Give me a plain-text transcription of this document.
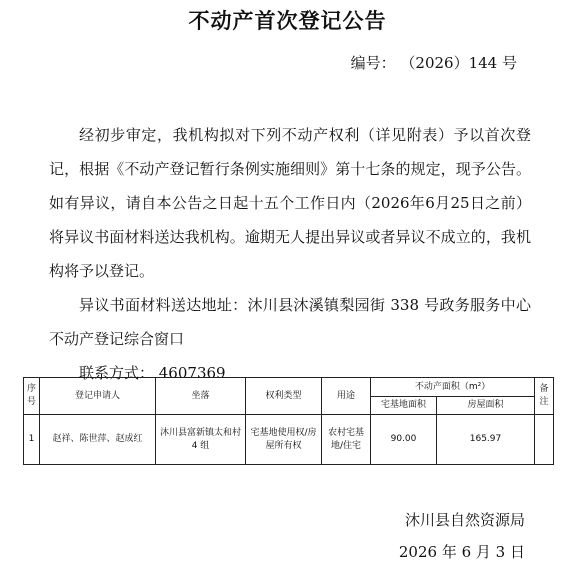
不动产首次登记公告
编号： （2026）144 号

经初步审定，我机构拟对下列不动产权利（详见附表）予以首次登记，根据《不动产登记暂行条例实施细则》第十七条的规定，现予公告。如有异议，请自本公告之日起十五个工作日内（2026年6月25日之前）将异议书面材料送达我机构。逾期无人提出异议或者异议不成立的，我机构将予以登记。

异议书面材料送达地址：沐川县沐溪镇梨园街 338 号政务服务中心不动产登记综合窗口

联系方式： 4607369

序号	登记申请人	坐落	权利类型	用途	不动产面积（m²）		备注
					宅基地面积	房屋面积	
1	赵祥、陈世萍、赵成红	沐川县富新镇太和村 4 组	宅基地使用权/房屋所有权	农村宅基地/住宅	90.00	165.97	
沐川县自然资源局
2026 年 6 月 3 日
